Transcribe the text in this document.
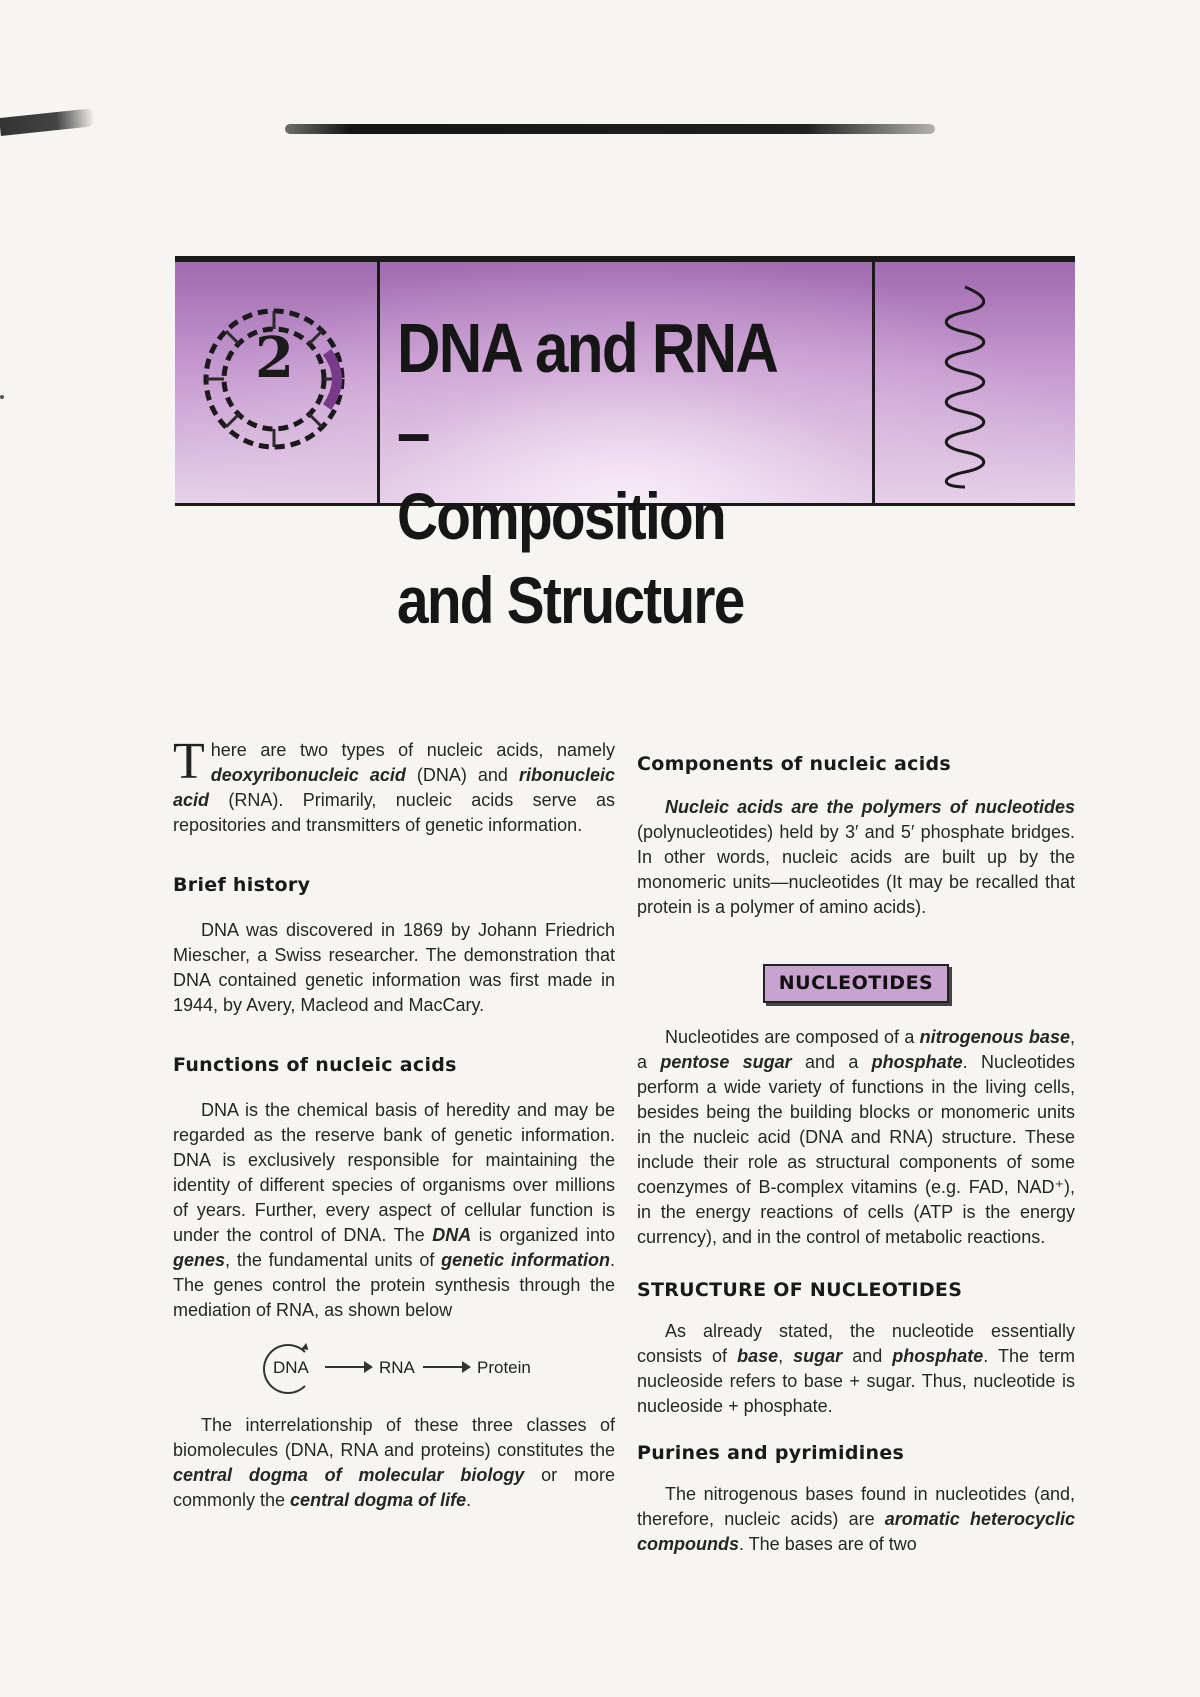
2	DNA and RNA –
Composition and Structure

T here are two types of nucleic acids, namely deoxyribonucleic acid (DNA) and ribonucleic acid (RNA). Primarily, nucleic acids serve as repositories and transmitters of genetic information.

Brief history

DNA was discovered in 1869 by Johann Friedrich Miescher, a Swiss researcher. The demonstration that DNA contained genetic information was first made in 1944, by Avery, Macleod and MacCary.

Functions of nucleic acids

DNA is the chemical basis of heredity and may be regarded as the reserve bank of genetic information. DNA is exclusively responsible for maintaining the identity of different species of organisms over millions of years. Further, every aspect of cellular function is under the control of DNA. The DNA is organized into genes, the fundamental units of genetic information. The genes control the protein synthesis through the mediation of RNA, as shown below

DNA	RNA	Protein

The interrelationship of these three classes of biomolecules (DNA, RNA and proteins) constitutes the central dogma of molecular biology or more commonly the central dogma of life.

Components of nucleic acids

Nucleic acids are the polymers of nucleotides (polynucleotides) held by 3′ and 5′ phosphate bridges. In other words, nucleic acids are built up by the monomeric units—nucleotides (It may be recalled that protein is a polymer of amino acids).

NUCLEOTIDES

Nucleotides are composed of a nitrogenous base, a pentose sugar and a phosphate. Nucleotides perform a wide variety of functions in the living cells, besides being the building blocks or monomeric units in the nucleic acid (DNA and RNA) structure. These include their role as structural components of some coenzymes of B-complex vitamins (e.g. FAD, NAD⁺), in the energy reactions of cells (ATP is the energy currency), and in the control of metabolic reactions.

STRUCTURE OF NUCLEOTIDES

As already stated, the nucleotide essentially consists of base, sugar and phosphate. The term nucleoside refers to base + sugar. Thus, nucleotide is nucleoside + phosphate.

Purines and pyrimidines

The nitrogenous bases found in nucleotides (and, therefore, nucleic acids) are aromatic heterocyclic compounds. The bases are of two
